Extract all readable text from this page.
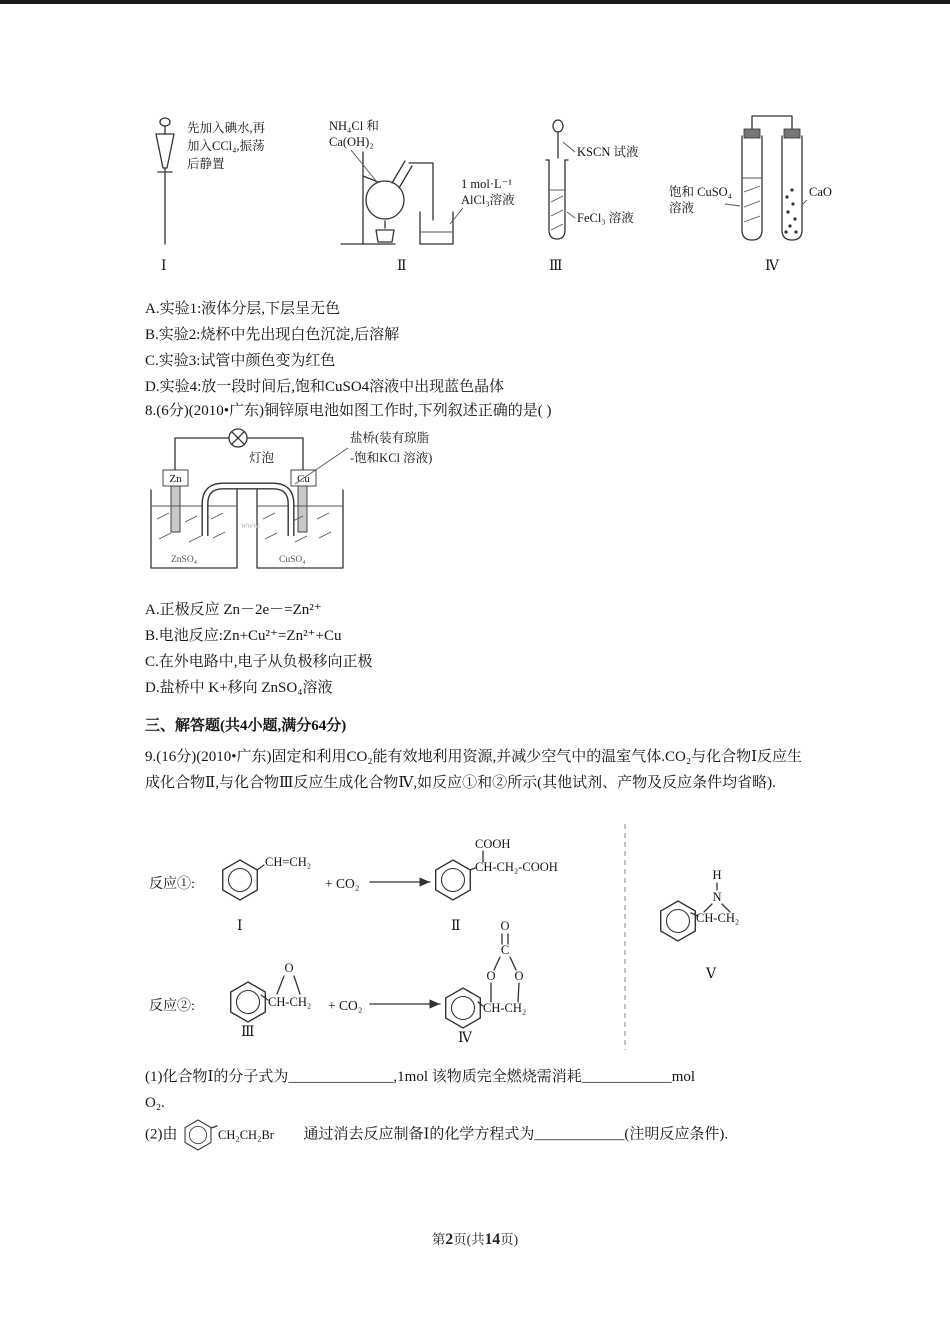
先加入碘水,再
加入CCl₄,振荡
后静置
Ⅰ
NH₄Cl 和
Ca(OH)₂
1 mol·L⁻¹
AlCl₃溶液
Ⅱ
KSCN 试液
FeCl₃ 溶液
Ⅲ
饱和 CuSO₄
溶液
CaO
Ⅳ
A.实验1:液体分层,下层呈无色
B.实验2:烧杯中先出现白色沉淀,后溶解
C.实验3:试管中颜色变为红色
D.实验4:放一段时间后,饱和CuSO4溶液中出现蓝色晶体
8.(6分)(2010•广东)铜锌原电池如图工作时,下列叙述正确的是( )
灯泡
Zn	Cu
盐桥(装有琼脂
-饱和KCl 溶液)
ZnSO₄	CuSO₄
www.
A.正极反应 Zn－2e－=Zn²⁺
B.电池反应:Zn+Cu²⁺=Zn²⁺+Cu
C.在外电路中,电子从负极移向正极
D.盐桥中 K+移向 ZnSO₄溶液
三、解答题(共4小题,满分64分)
9.(16分)(2010•广东)固定和利用CO₂能有效地利用资源,并减少空气中的温室气体.CO₂与化合物Ⅰ反应生成化合物Ⅱ,与化合物Ⅲ反应生成化合物Ⅳ,如反应①和②所示(其他试剂、产物及反应条件均省略).
反应①:
CH=CH₂
+ CO₂
COOH
CH-CH₂-COOH
Ⅰ	Ⅱ
H
N
CH-CH₂
Ⅴ
反应②:	CH-CH₂
O
Ⅲ
+ CO₂	CH-CH₂
O O
C
O
Ⅳ
(1)化合物Ⅰ的分子式为______________,1mol 该物质完全燃烧需消耗____________mol
O₂.
(2)由	CH₂CH₂Br 通过消去反应制备Ⅰ的化学方程式为____________(注明反应条件).
第2页(共14页)
